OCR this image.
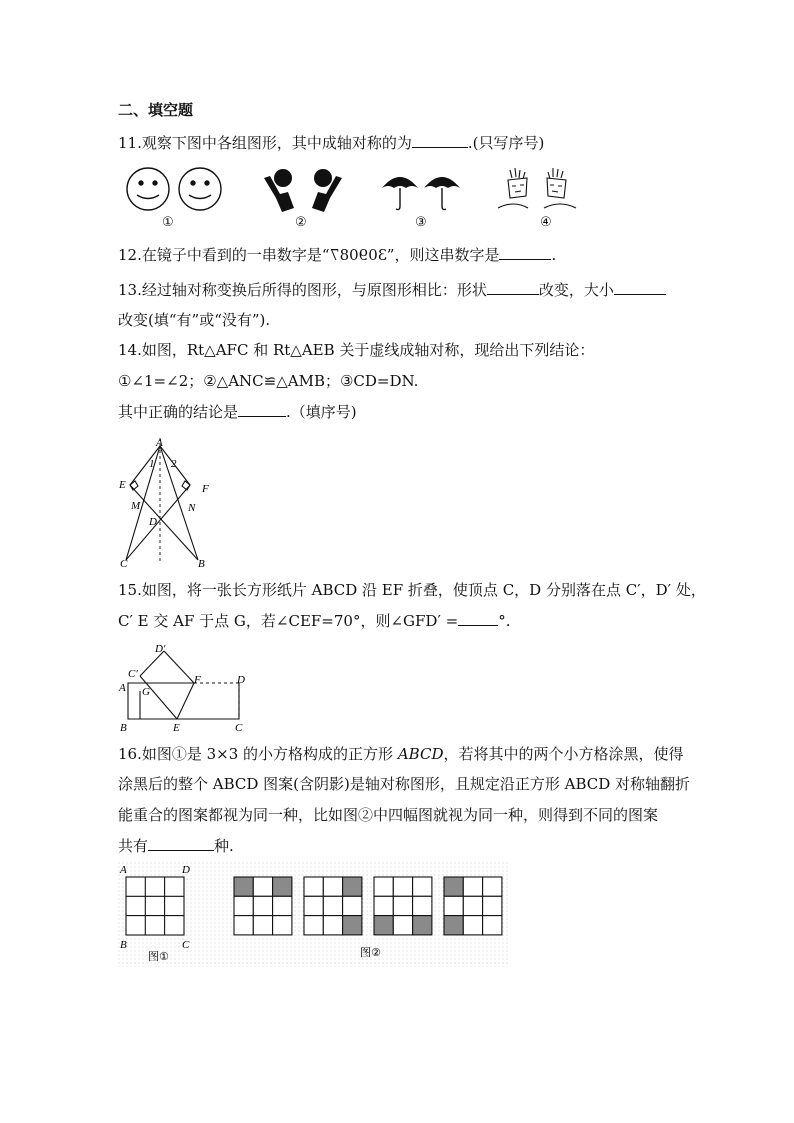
二、填空题
11.观察下图中各组图形，其中成轴对称的为	.(只写序号)
①	②	③	④
12.在镜子中看到的一串数字是“309087”，则这串数字是	.
13.经过轴对称变换后所得的图形，与原图形相比：形状	改变，大小
改变(填“有”或“没有”).
14.如图，Rt△AFC 和 Rt△AEB 关于虚线成轴对称，现给出下列结论：
①∠1=∠2；②△ANC≌△AMB；③CD=DN.
其中正确的结论是	.（填序号)
A
E	F
M	N
D
C	B
1 2
15.如图，将一张长方形纸片 ABCD 沿 EF 折叠，使顶点 C，D 分别落在点 C′，D′ 处，
C′ E 交 AF 于点 G，若∠CEF=70°，则∠GFD′ =	°.
D′
C′
A G
F	D
B	E	C
16.如图①是 3×3 的小方格构成的正方形 ABCD，若将其中的两个小方格涂黑，使得
涂黑后的整个 ABCD 图案(含阴影)是轴对称图形，且规定沿正方形 ABCD 对称轴翻折
能重合的图案都视为同一种，比如图②中四幅图就视为同一种，则得到不同的图案
共有	种.
A	D
B	C
图①	图②
